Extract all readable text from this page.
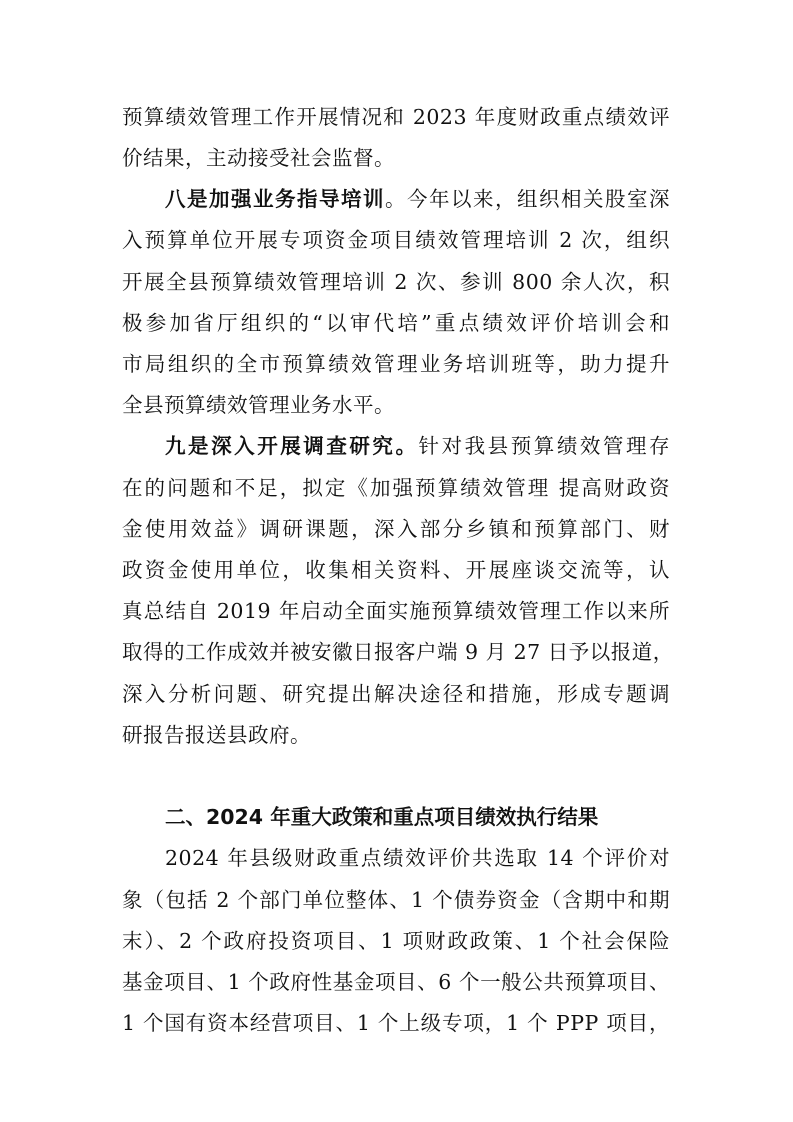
预算绩效管理工作开展情况和 2023 年度财政重点绩效评
价结果，主动接受社会监督。
八是加强业务指导培训。今年以来，组织相关股室深
入预算单位开展专项资金项目绩效管理培训 2 次，组织
开展全县预算绩效管理培训 2 次、参训 800 余人次，积
极参加省厅组织的“以审代培”重点绩效评价培训会和
市局组织的全市预算绩效管理业务培训班等，助力提升
全县预算绩效管理业务水平。
九是深入开展调查研究。针对我县预算绩效管理存
在的问题和不足，拟定《加强预算绩效管理 提高财政资
金使用效益》调研课题，深入部分乡镇和预算部门、财
政资金使用单位，收集相关资料、开展座谈交流等，认
真总结自 2019 年启动全面实施预算绩效管理工作以来所
取得的工作成效并被安徽日报客户端 9 月 27 日予以报道，
深入分析问题、研究提出解决途径和措施，形成专题调
研报告报送县政府。
二、2024 年重大政策和重点项目绩效执行结果
2024 年县级财政重点绩效评价共选取 14 个评价对
象（包括 2 个部门单位整体、1 个债券资金（含期中和期
末）、2 个政府投资项目、1 项财政政策、1 个社会保险
基金项目、1 个政府性基金项目、6 个一般公共预算项目、
1 个国有资本经营项目、1 个上级专项，1 个 PPP 项目，
